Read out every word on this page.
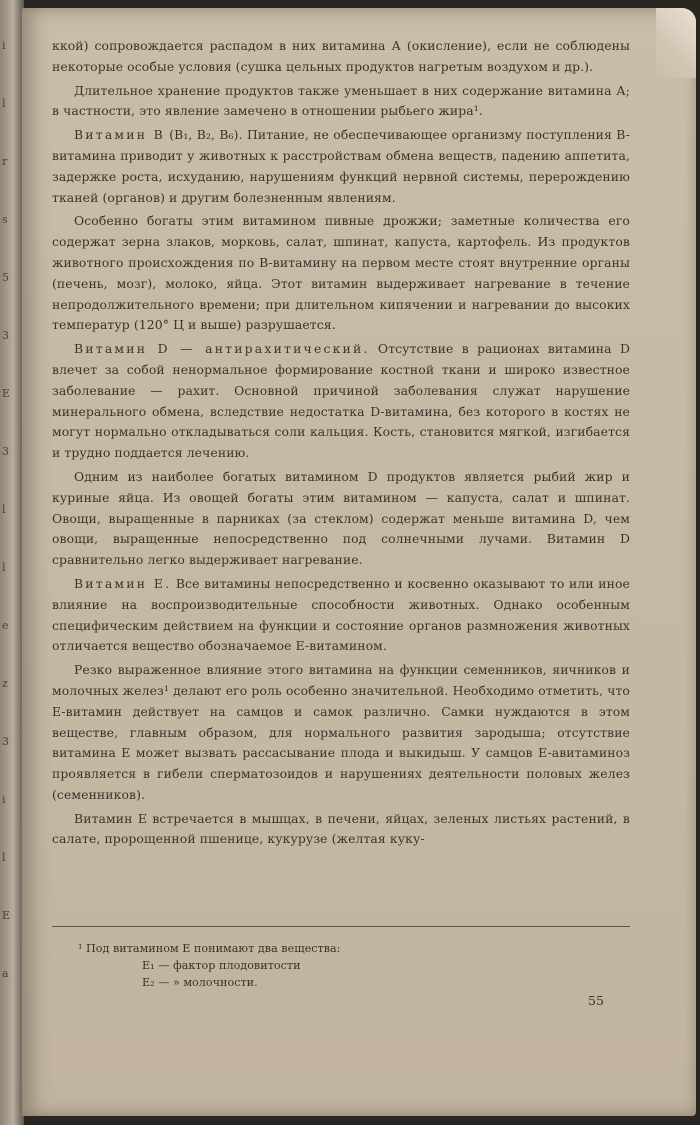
i
l
r
s
5
3
E
3
l
l
e
z
3
i
l
E
a

ккой) сопровождается распадом в них витамина А (окисление), если не соблюдены некоторые особые условия (сушка цельных продуктов нагретым воздухом и др.).

Длительное хранение продуктов также уменьшает в них содержание витамина А; в частности, это явление замечено в отношении рыбьего жира¹.

Витамин B (B₁, B₂, B₆). Питание, не обеспечивающее организму поступления B-витамина приводит у животных к расстройствам обмена веществ, падению аппетита, задержке роста, исхуданию, нарушениям функций нервной системы, перерождению тканей (органов) и другим болезненным явлениям.

Особенно богаты этим витамином пивные дрожжи; заметные количества его содержат зерна злаков, морковь, салат, шпинат, капуста, картофель. Из продуктов животного происхождения по B-витамину на первом месте стоят внутренние органы (печень, мозг), молоко, яйца. Этот витамин выдерживает нагревание в течение непродолжительного времени; при длительном кипячении и нагревании до высоких температур (120° Ц и выше) разрушается.

Витамин D — антирахитический. Отсутствие в рационах витамина D влечет за собой ненормальное формирование костной ткани и широко известное заболевание — рахит. Основной причиной заболевания служат нарушение минерального обмена, вследствие недостатка D-витамина, без которого в костях не могут нормально откладываться соли кальция. Кость, становится мягкой, изгибается и трудно поддается лечению.

Одним из наиболее богатых витамином D продуктов является рыбий жир и куриные яйца. Из овощей богаты этим витамином — капуста, салат и шпинат. Овощи, выращенные в парниках (за стеклом) содержат меньше витамина D, чем овощи, выращенные непосредственно под солнечными лучами. Витамин D сравнительно легко выдерживает нагревание.

Витамин E. Все витамины непосредственно и косвенно оказывают то или иное влияние на воспроизводительные способности животных. Однако особенным специфическим действием на функции и состояние органов размножения животных отличается вещество обозначаемое E-витамином.

Резко выраженное влияние этого витамина на функции семенников, яичников и молочных желез¹ делают его роль особенно значительной. Необходимо отметить, что E-витамин действует на самцов и самок различно. Самки нуждаются в этом веществе, главным образом, для нормального развития зародыша; отсутствие витамина E может вызвать рассасывание плода и выкидыш. У самцов E-авитаминоз проявляется в гибели сперматозоидов и нарушениях деятельности половых желез (семенников).

Витамин E встречается в мышцах, в печени, яйцах, зеленых листьях растений, в салате, пророщенной пшенице, кукурузе (желтая куку-

¹ Под витамином E понимают два вещества:
E₁ — фактор плодовитости
E₂ — » молочности.
55
